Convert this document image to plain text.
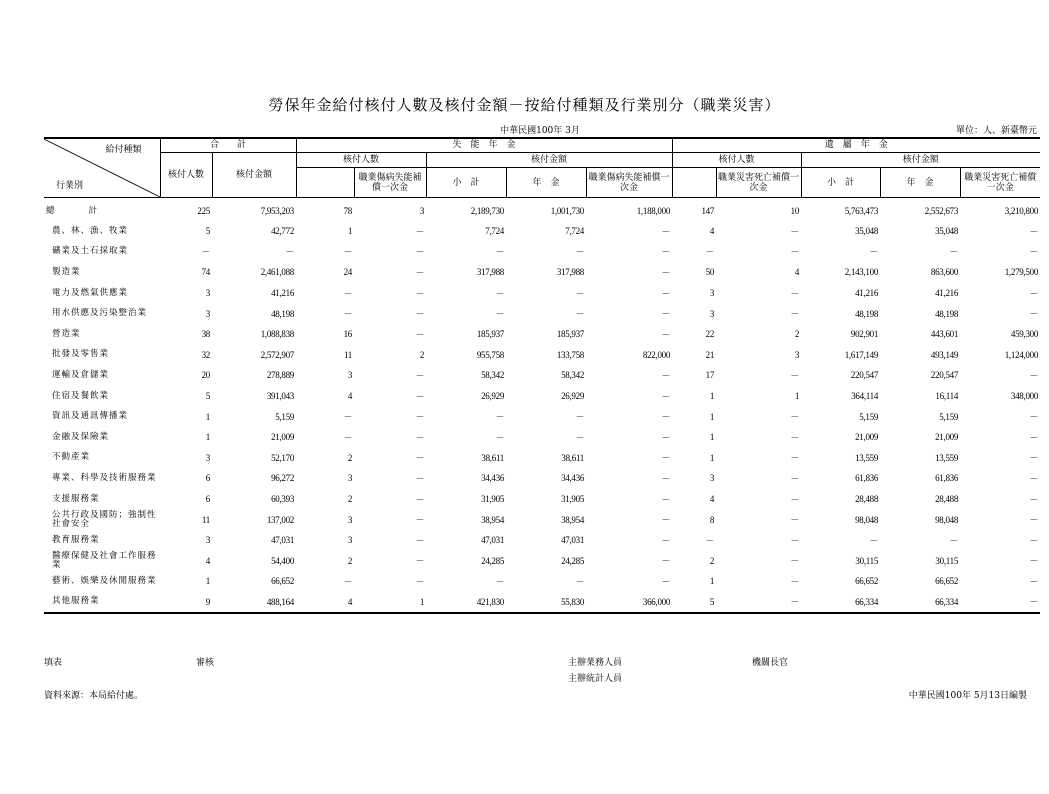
勞保年金給付核付人數及核付金額－按給付種類及行業別分（職業災害）
中華民國100年 3月	單位：人、新臺幣元
給付種類
行業別	合　　計		失　能　年　金					遺　屬　年　金				
	核付人數	核付金額	核付人數		核付金額			核付人數		核付金額		
				職業傷病失能補償一次金	小　計	年　金	職業傷病失能補償一次金		職業災害死亡補償一次金	小　計	年　金	職業災害死亡補償一次金
總　　　　計	225	7,953,203	78	3	2,189,730	1,001,730	1,188,000	147	10	5,763,473	2,552,673	3,210,800
農、林、漁、牧業	5	42,772	1	－	7,724	7,724	－	4	－	35,048	35,048	－
礦業及土石採取業	－	－	－	－	－	－	－	－	－	－	－	－
製造業	74	2,461,088	24	－	317,988	317,988	－	50	4	2,143,100	863,600	1,279,500
電力及燃氣供應業	3	41,216	－	－	－	－	－	3	－	41,216	41,216	－
用水供應及污染整治業	3	48,198	－	－	－	－	－	3	－	48,198	48,198	－
營造業	38	1,088,838	16	－	185,937	185,937	－	22	2	902,901	443,601	459,300
批發及零售業	32	2,572,907	11	2	955,758	133,758	822,000	21	3	1,617,149	493,149	1,124,000
運輸及倉儲業	20	278,889	3	－	58,342	58,342	－	17	－	220,547	220,547	－
住宿及餐飲業	5	391,043	4	－	26,929	26,929	－	1	1	364,114	16,114	348,000
資訊及通訊傳播業	1	5,159	－	－	－	－	－	1	－	5,159	5,159	－
金融及保險業	1	21,009	－	－	－	－	－	1	－	21,009	21,009	－
不動產業	3	52,170	2	－	38,611	38,611	－	1	－	13,559	13,559	－
專業、科學及技術服務業	6	96,272	3	－	34,436	34,436	－	3	－	61,836	61,836	－
支援服務業	6	60,393	2	－	31,905	31,905	－	4	－	28,488	28,488	－
公共行政及國防；強制性社會安全	11	137,002	3	－	38,954	38,954	－	8	－	98,048	98,048	－
教育服務業	3	47,031	3	－	47,031	47,031	－	－	－	－	－	－
醫療保健及社會工作服務業	4	54,400	2	－	24,285	24,285	－	2	－	30,115	30,115	－
藝術、娛樂及休閒服務業	1	66,652	－	－	－	－	－	1	－	66,652	66,652	－
其他服務業	9	488,164	4	1	421,830	55,830	366,000	5	－	66,334	66,334	－
填表	審核	主辦業務人員
主辦統計人員
機關長官
資料來源：本局給付處。	中華民國100年 5月13日編製
